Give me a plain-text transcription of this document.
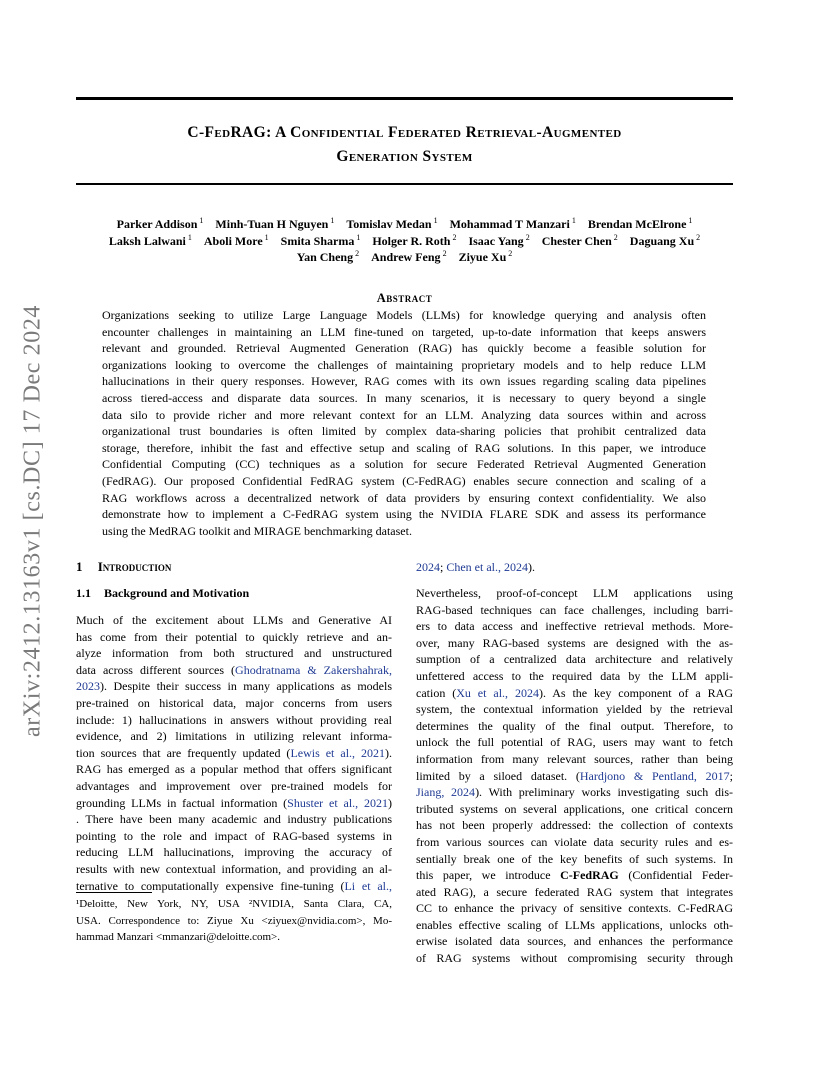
C-FedRAG: A Confidential Federated Retrieval-Augmented
Generation System
Parker Addison $^1$  Minh-Tuan H Nguyen $^1$  Tomislav Medan $^1$  Mohammad T Manzari $^1$  Brendan McElrone $^1$
Laksh Lalwani $^1$  Aboli More $^1$  Smita Sharma $^1$  Holger R. Roth $^2$  Isaac Yang $^2$  Chester Chen $^2$  Daguang Xu $^2$
Yan Cheng $^2$  Andrew Feng $^2$  Ziyue Xu $^2$
Abstract
Organizations seeking to utilize Large Language Models (LLMs) for knowledge querying and analysis often
encounter challenges in maintaining an LLM fine-tuned on targeted, up-to-date information that keeps answers
relevant and grounded. Retrieval Augmented Generation (RAG) has quickly become a feasible solution for
organizations looking to overcome the challenges of maintaining proprietary models and to help reduce LLM
hallucinations in their query responses. However, RAG comes with its own issues regarding scaling data pipelines
across tiered-access and disparate data sources. In many scenarios, it is necessary to query beyond a single
data silo to provide richer and more relevant context for an LLM. Analyzing data sources within and across
organizational trust boundaries is often limited by complex data-sharing policies that prohibit centralized data
storage, therefore, inhibit the fast and effective setup and scaling of RAG solutions. In this paper, we introduce
Confidential Computing (CC) techniques as a solution for secure Federated Retrieval Augmented Generation
(FedRAG). Our proposed Confidential FedRAG system (C-FedRAG) enables secure connection and scaling of a
RAG workflows across a decentralized network of data providers by ensuring context confidentiality. We also
demonstrate how to implement a C-FedRAG system using the NVIDIA FLARE SDK and assess its performance
using the MedRAG toolkit and MIRAGE benchmarking dataset.
1 Introduction
1.1 Background and Motivation
Much of the excitement about LLMs and Generative AI
has come from their potential to quickly retrieve and an-
alyze information from both structured and unstructured
data across different sources (Ghodratnama & Zakershahrak,
2023). Despite their success in many applications as models
pre-trained on historical data, major concerns from users
include: 1) hallucinations in answers without providing real
evidence, and 2) limitations in utilizing relevant informa-
tion sources that are frequently updated (Lewis et al., 2021).
RAG has emerged as a popular method that offers significant
advantages and improvement over pre-trained models for
grounding LLMs in factual information (Shuster et al., 2021)
. There have been many academic and industry publications
pointing to the role and impact of RAG-based systems in
reducing LLM hallucinations, improving the accuracy of
results with new contextual information, and providing an al-
ternative to computationally expensive fine-tuning (Li et al.,
¹Deloitte, New York, NY, USA ²NVIDIA, Santa Clara, CA,
USA. Correspondence to: Ziyue Xu <ziyuex@nvidia.com>, Mo-
hammad Manzari <mmanzari@deloitte.com>.
2024; Chen et al., 2024).
Nevertheless, proof-of-concept LLM applications using
RAG-based techniques can face challenges, including barri-
ers to data access and ineffective retrieval methods. More-
over, many RAG-based systems are designed with the as-
sumption of a centralized data architecture and relatively
unfettered access to the required data by the LLM appli-
cation (Xu et al., 2024). As the key component of a RAG
system, the contextual information yielded by the retrieval
determines the quality of the final output. Therefore, to
unlock the full potential of RAG, users may want to fetch
information from many relevant sources, rather than being
limited by a siloed dataset. (Hardjono & Pentland, 2017;
Jiang, 2024). With preliminary works investigating such dis-
tributed systems on several applications, one critical concern
has not been properly addressed: the collection of contexts
from various sources can violate data security rules and es-
sentially break one of the key benefits of such systems. In
this paper, we introduce C-FedRAG (Confidential Feder-
ated RAG), a secure federated RAG system that integrates
CC to enhance the privacy of sensitive contexts. C-FedRAG
enables effective scaling of LLMs applications, unlocks oth-
erwise isolated data sources, and enhances the performance
of RAG systems without compromising security through
arXiv:2412.13163v1 [cs.DC] 17 Dec 2024
